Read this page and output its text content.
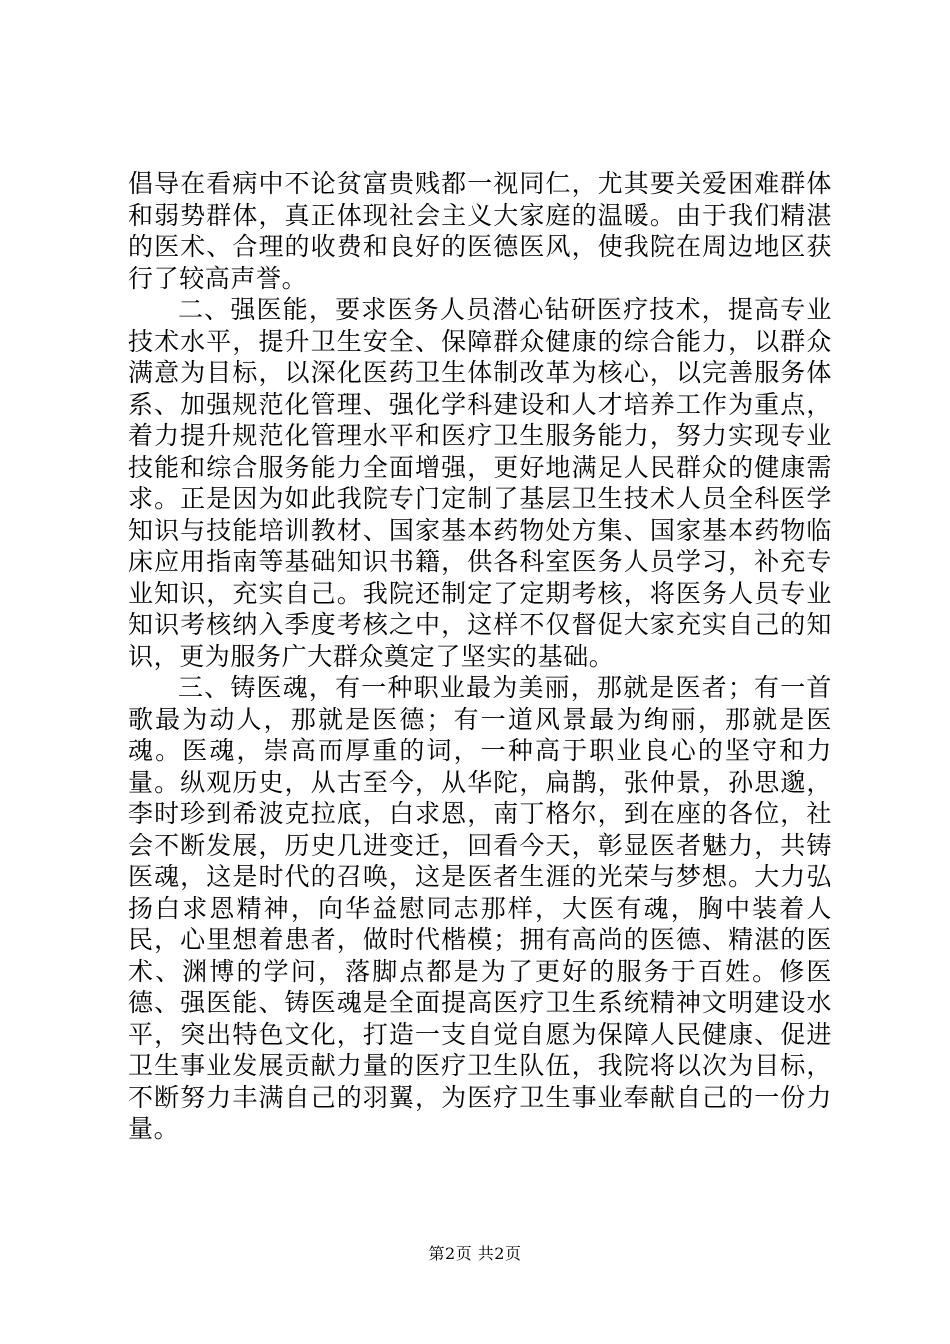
倡导在看病中不论贫富贵贱都一视同仁，尤其要关爱困难群体和弱势群体，真正体现社会主义大家庭的温暖。由于我们精湛的医术、合理的收费和良好的医德医风，使我院在周边地区获行了较高声誉。

二、强医能，要求医务人员潜心钻研医疗技术，提高专业技术水平，提升卫生安全、保障群众健康的综合能力，以群众满意为目标，以深化医药卫生体制改革为核心，以完善服务体系、加强规范化管理、强化学科建设和人才培养工作为重点，着力提升规范化管理水平和医疗卫生服务能力，努力实现专业技能和综合服务能力全面增强，更好地满足人民群众的健康需求。正是因为如此我院专门定制了基层卫生技术人员全科医学知识与技能培训教材、国家基本药物处方集、国家基本药物临床应用指南等基础知识书籍，供各科室医务人员学习，补充专业知识，充实自己。我院还制定了定期考核，将医务人员专业知识考核纳入季度考核之中，这样不仅督促大家充实自己的知识，更为服务广大群众奠定了坚实的基础。

三、铸医魂，有一种职业最为美丽，那就是医者；有一首歌最为动人，那就是医德；有一道风景最为绚丽，那就是医魂。医魂，崇高而厚重的词，一种高于职业良心的坚守和力量。纵观历史，从古至今，从华陀，扁鹊，张仲景，孙思邈，李时珍到希波克拉底，白求恩，南丁格尔，到在座的各位，社会不断发展，历史几进变迁，回看今天，彰显医者魅力，共铸医魂，这是时代的召唤，这是医者生涯的光荣与梦想。大力弘扬白求恩精神，向华益慰同志那样，大医有魂，胸中装着人民，心里想着患者，做时代楷模；拥有高尚的医德、精湛的医术、渊博的学问，落脚点都是为了更好的服务于百姓。修医德、强医能、铸医魂是全面提高医疗卫生系统精神文明建设水平，突出特色文化，打造一支自觉自愿为保障人民健康、促进卫生事业发展贡献力量的医疗卫生队伍，我院将以次为目标，不断努力丰满自己的羽翼，为医疗卫生事业奉献自己的一份力量。

第2页 共2页
